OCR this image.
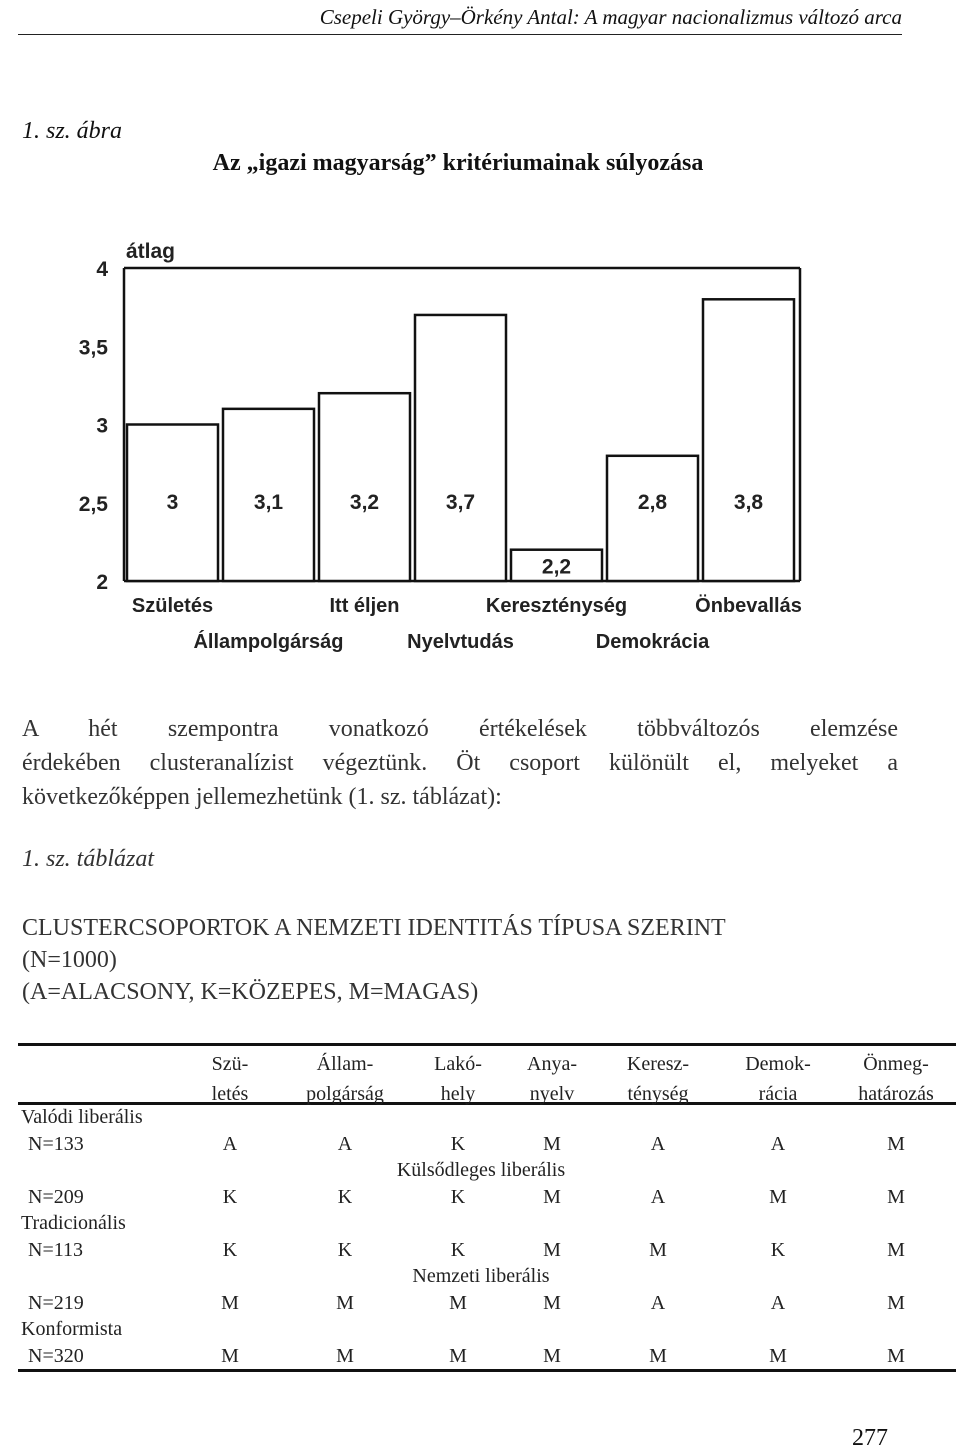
Csepeli György–Örkény Antal: A magyar nacionalizmus változó arca
1. sz. ábra
Az „igazi magyarság” kritériumainak súlyozása
átlag
2
2,5
3
3,5
4
3
Születés
3,1
Állampolgárság
3,2
Itt éljen
3,7
Nyelvtudás
2,2
Kereszténység
2,8
Demokrácia
3,8
Önbevallás
A hét szempontra vonatkozó értékelések többváltozós elemzése
érdekében clusteranalízist végeztünk. Öt csoport különült el, melyeket a
következőképpen jellemezhetünk (1. sz. táblázat):
1. sz. táblázat
CLUSTERCSOPORTOK A NEMZETI IDENTITÁS TÍPUSA SZERINT
(N=1000)
(A=ALACSONY, K=KÖZEPES, M=MAGAS)
Szü-
letés
Állam-
polgárság
Lakó-
hely
Anya-
nyelv
Keresz-
ténység
Demok-
rácia
Önmeg-
határozás
Valódi liberális
N=133	A	A	K	M	A	A	M
Külsődleges liberális
N=209	K	K	K	M	A	M	M
Tradicionális
N=113	K	K	K	M	M	K	M
Nemzeti liberális
N=219	M	M	M	M	A	A	M
Konformista
N=320	M	M	M	M	M	M	M
277
